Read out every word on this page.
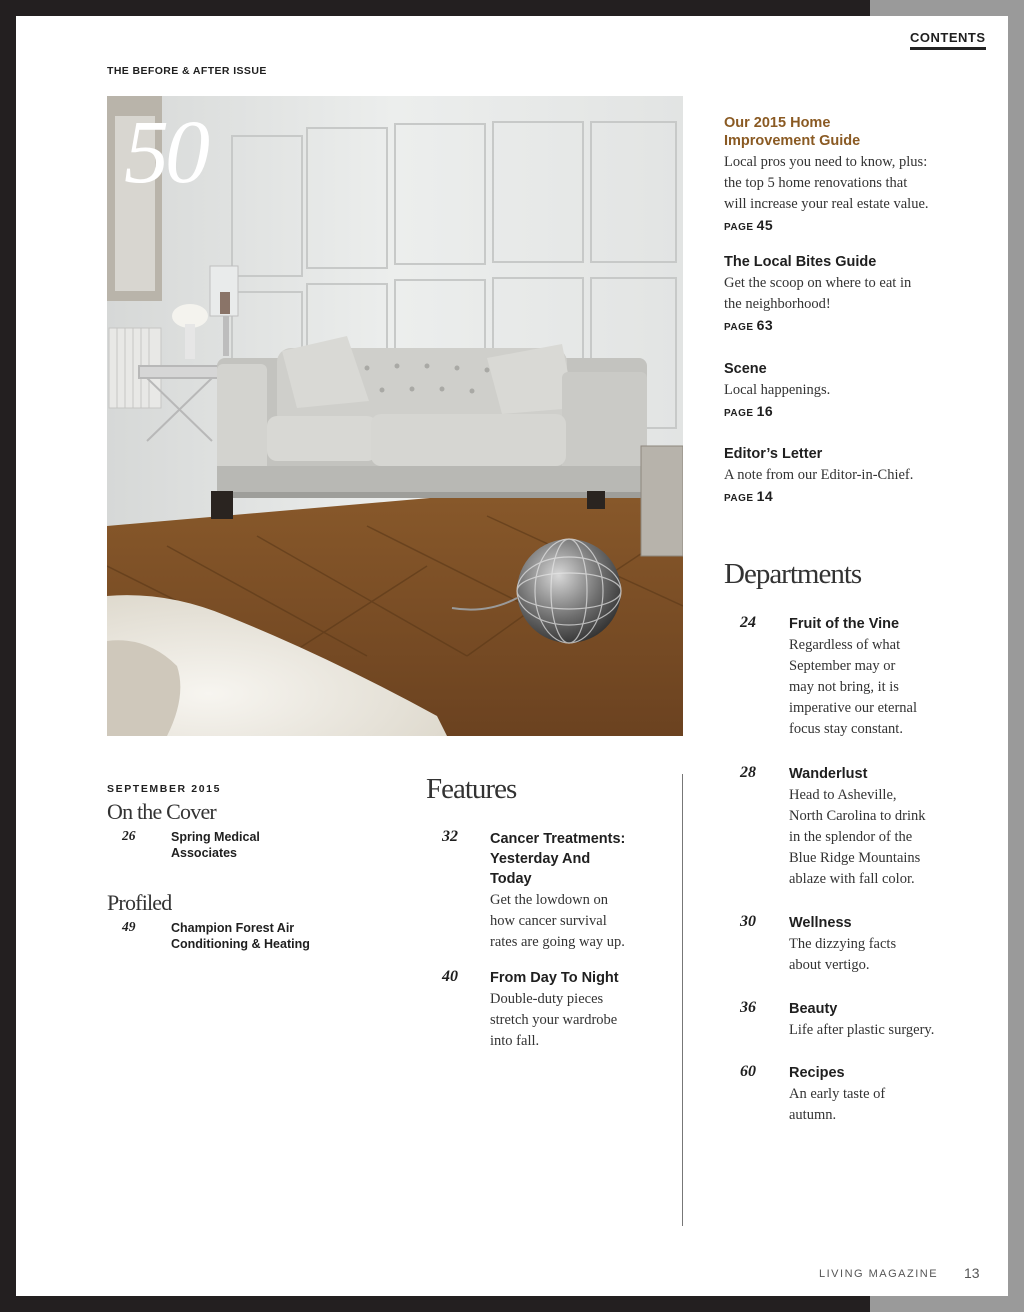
CONTENTS
THE BEFORE & AFTER ISSUE
50	Our 2015 Home
Improvement Guide
Local pros you need to know, plus:
the top 5 home renovations that
will increase your real estate value.
PAGE 45
The Local Bites Guide
Get the scoop on where to eat in
the neighborhood!
PAGE 63
Scene
Local happenings.
PAGE 16
Editor’s Letter
A note from our Editor-in-Chief.
PAGE 14
Departments
24 Fruit of the Vine
Regardless of what
September may or
may not bring, it is
imperative our eternal
focus stay constant.
28 Wanderlust
Head to Asheville,
North Carolina to drink
in the splendor of the
Blue Ridge Mountains
ablaze with fall color.
30 Wellness
The dizzying facts
about vertigo.
36 Beauty
Life after plastic surgery.
60 Recipes
An early taste of
autumn.
Features
32 Cancer Treatments:
Yesterday And
Today
Get the lowdown on
how cancer survival
rates are going way up.
40 From Day To Night
Double-duty pieces
stretch your wardrobe
into fall.
SEPTEMBER 2015
On the Cover
26	Spring Medical
Associates
Profiled
49	Champion Forest Air
Conditioning & Heating
LIVING MAGAZINE 13
